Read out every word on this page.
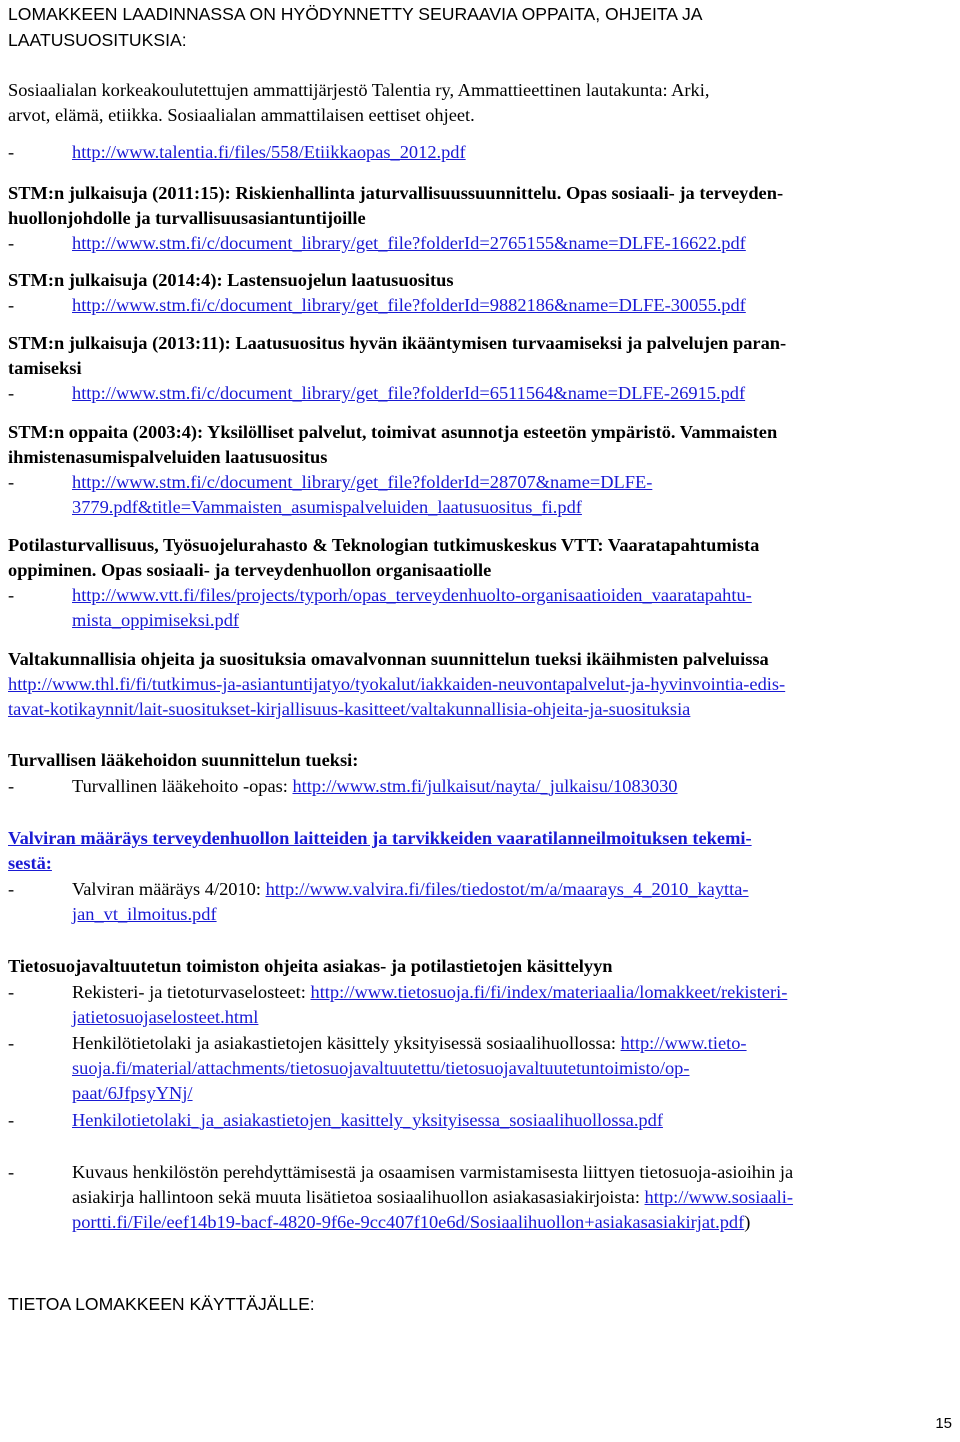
LOMAKKEEN LAADINNASSA ON HYÖDYNNETTY SEURAAVIA OPPAITA, OHJEITA JA
LAATUSUOSITUKSIA:
Sosiaalialan korkeakoulutettujen ammattijärjestö Talentia ry, Ammattieettinen lautakunta: Arki,
arvot, elämä, etiikka. Sosiaalialan ammattilaisen eettiset ohjeet.
-	http://www.talentia.fi/files/558/Etiikkaopas_2012.pdf
STM:n julkaisuja (2011:15): Riskienhallinta jaturvallisuussuunnittelu. Opas sosiaali- ja terveyden-
huollonjohdolle ja turvallisuusasiantuntijoille
-	http://www.stm.fi/c/document_library/get_file?folderId=2765155&name=DLFE-16622.pdf
STM:n julkaisuja (2014:4): Lastensuojelun laatusuositus
-	http://www.stm.fi/c/document_library/get_file?folderId=9882186&name=DLFE-30055.pdf
STM:n julkaisuja (2013:11): Laatusuositus hyvän ikääntymisen turvaamiseksi ja palvelujen paran-
tamiseksi
-	http://www.stm.fi/c/document_library/get_file?folderId=6511564&name=DLFE-26915.pdf
STM:n oppaita (2003:4): Yksilölliset palvelut, toimivat asunnotja esteetön ympäristö. Vammaisten
ihmistenasumispalveluiden laatusuositus
-	http://www.stm.fi/c/document_library/get_file?folderId=28707&name=DLFE-
3779.pdf&title=Vammaisten_asumispalveluiden_laatusuositus_fi.pdf
Potilasturvallisuus, Työsuojelurahasto & Teknologian tutkimuskeskus VTT: Vaaratapahtumista
oppiminen. Opas sosiaali- ja terveydenhuollon organisaatiolle
-	http://www.vtt.fi/files/projects/typorh/opas_terveydenhuolto-organisaatioiden_vaaratapahtu-
mista_oppimiseksi.pdf
Valtakunnallisia ohjeita ja suosituksia omavalvonnan suunnittelun tueksi ikäihmisten palveluissa
http://www.thl.fi/fi/tutkimus-ja-asiantuntijatyo/tyokalut/iakkaiden-neuvontapalvelut-ja-hyvinvointia-edis-
tavat-kotikaynnit/lait-suositukset-kirjallisuus-kasitteet/valtakunnallisia-ohjeita-ja-suosituksia
Turvallisen lääkehoidon suunnittelun tueksi:
-	Turvallinen lääkehoito -opas: http://www.stm.fi/julkaisut/nayta/_julkaisu/1083030
Valviran määräys terveydenhuollon laitteiden ja tarvikkeiden vaaratilanneilmoituksen tekemi-
sestä:
-	Valviran määräys 4/2010: http://www.valvira.fi/files/tiedostot/m/a/maarays_4_2010_kaytta-
jan_vt_ilmoitus.pdf
Tietosuojavaltuutetun toimiston ohjeita asiakas- ja potilastietojen käsittelyyn
-	Rekisteri- ja tietoturvaselosteet: http://www.tietosuoja.fi/fi/index/materiaalia/lomakkeet/rekisteri-
jatietosuojaselosteet.html
-	Henkilötietolaki ja asiakastietojen käsittely yksityisessä sosiaalihuollossa: http://www.tieto-
suoja.fi/material/attachments/tietosuojavaltuutettu/tietosuojavaltuutetuntoimisto/op-
paat/6JfpsyYNj/
-	Henkilotietolaki_ja_asiakastietojen_kasittely_yksityisessa_sosiaalihuollossa.pdf
-	Kuvaus henkilöstön perehdyttämisestä ja osaamisen varmistamisesta liittyen tietosuoja-asioihin ja
asiakirja hallintoon sekä muuta lisätietoa sosiaalihuollon asiakasasiakirjoista: http://www.sosiaali-
portti.fi/File/eef14b19-bacf-4820-9f6e-9cc407f10e6d/Sosiaalihuollon+asiakasasiakirjat.pdf)
TIETOA LOMAKKEEN KÄYTTÄJÄLLE:
15
